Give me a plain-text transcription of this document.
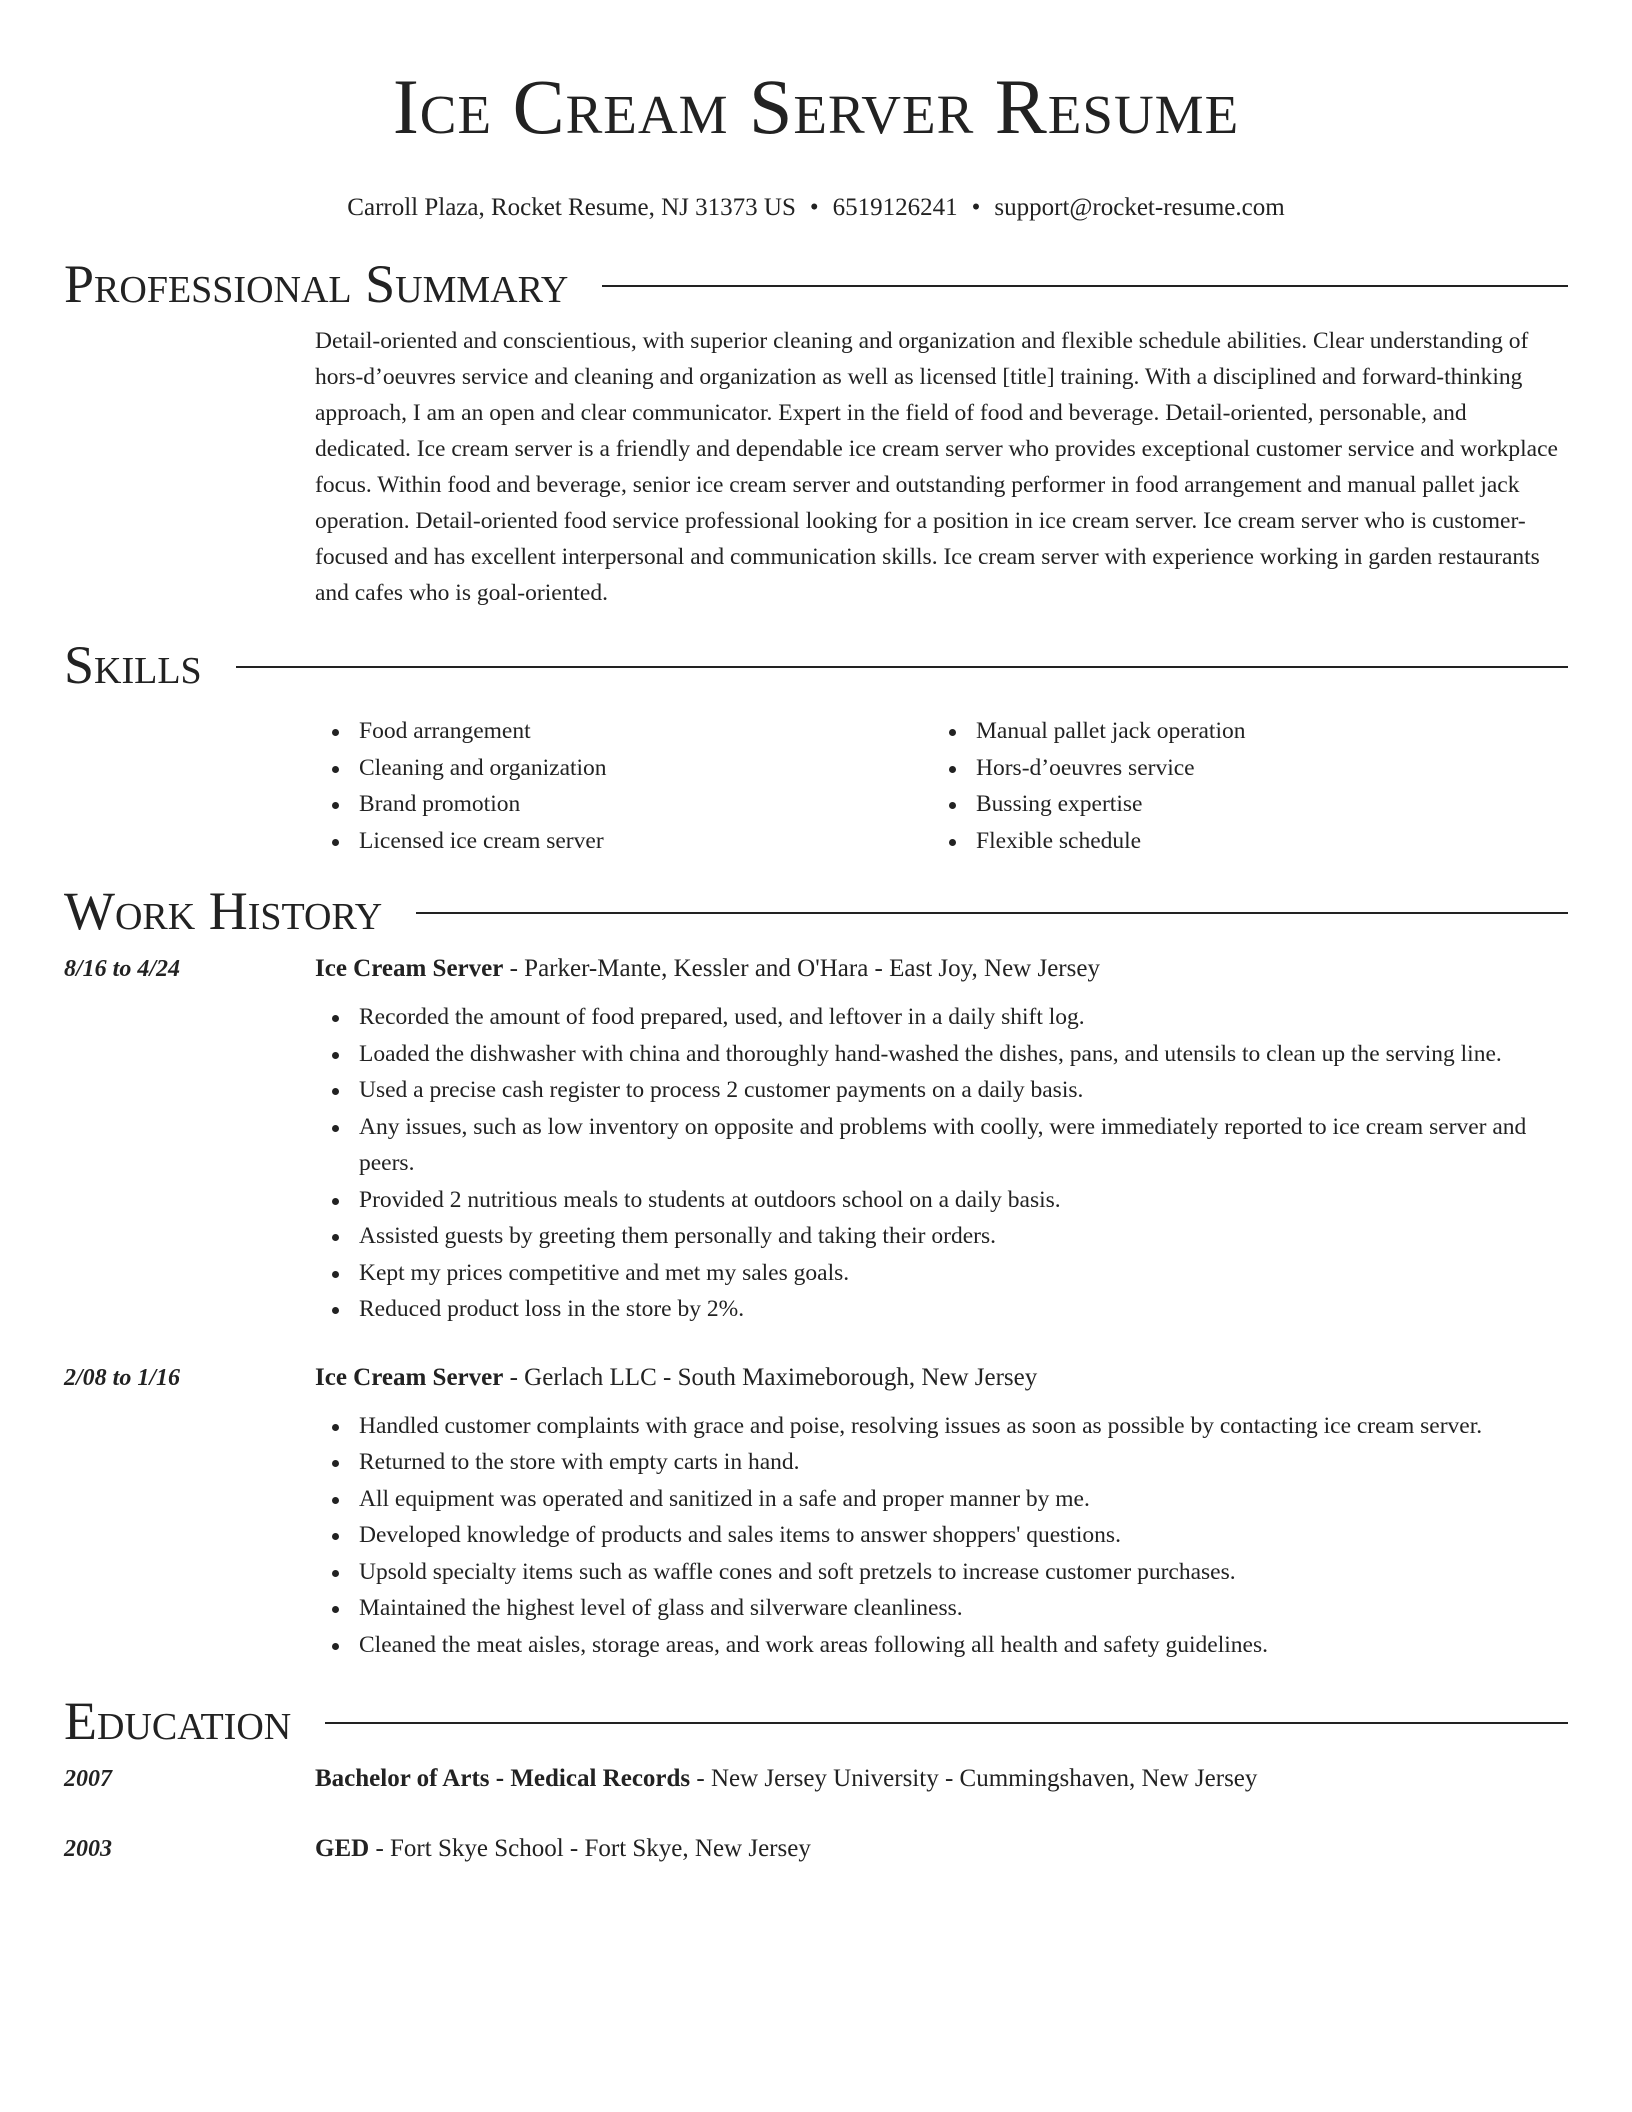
Ice Cream Server Resume
Carroll Plaza, Rocket Resume, NJ 31373 US • 6519126241 • support@rocket-resume.com
Professional Summary
Detail-oriented and conscientious, with superior cleaning and organization and flexible schedule abilities. Clear understanding of hors-d’oeuvres service and cleaning and organization as well as licensed [title] training. With a disciplined and forward-thinking approach, I am an open and clear communicator. Expert in the field of food and beverage. Detail-oriented, personable, and dedicated. Ice cream server is a friendly and dependable ice cream server who provides exceptional customer service and workplace focus. Within food and beverage, senior ice cream server and outstanding performer in food arrangement and manual pallet jack operation. Detail-oriented food service professional looking for a position in ice cream server. Ice cream server who is customer-focused and has excellent interpersonal and communication skills. Ice cream server with experience working in garden restaurants and cafes who is goal-oriented.
Skills
Food arrangement
Cleaning and organization
Brand promotion
Licensed ice cream server
Manual pallet jack operation
Hors-d’oeuvres service
Bussing expertise
Flexible schedule
Work History
8/16 to 4/24	Ice Cream Server - Parker-Mante, Kessler and O'Hara - East Joy, New Jersey
Recorded the amount of food prepared, used, and leftover in a daily shift log.
Loaded the dishwasher with china and thoroughly hand-washed the dishes, pans, and utensils to clean up the serving line.
Used a precise cash register to process 2 customer payments on a daily basis.
Any issues, such as low inventory on opposite and problems with coolly, were immediately reported to ice cream server and peers.
Provided 2 nutritious meals to students at outdoors school on a daily basis.
Assisted guests by greeting them personally and taking their orders.
Kept my prices competitive and met my sales goals.
Reduced product loss in the store by 2%.
2/08 to 1/16	Ice Cream Server - Gerlach LLC - South Maximeborough, New Jersey
Handled customer complaints with grace and poise, resolving issues as soon as possible by contacting ice cream server.
Returned to the store with empty carts in hand.
All equipment was operated and sanitized in a safe and proper manner by me.
Developed knowledge of products and sales items to answer shoppers' questions.
Upsold specialty items such as waffle cones and soft pretzels to increase customer purchases.
Maintained the highest level of glass and silverware cleanliness.
Cleaned the meat aisles, storage areas, and work areas following all health and safety guidelines.
Education
2007	Bachelor of Arts - Medical Records - New Jersey University - Cummingshaven, New Jersey
2003	GED - Fort Skye School - Fort Skye, New Jersey
